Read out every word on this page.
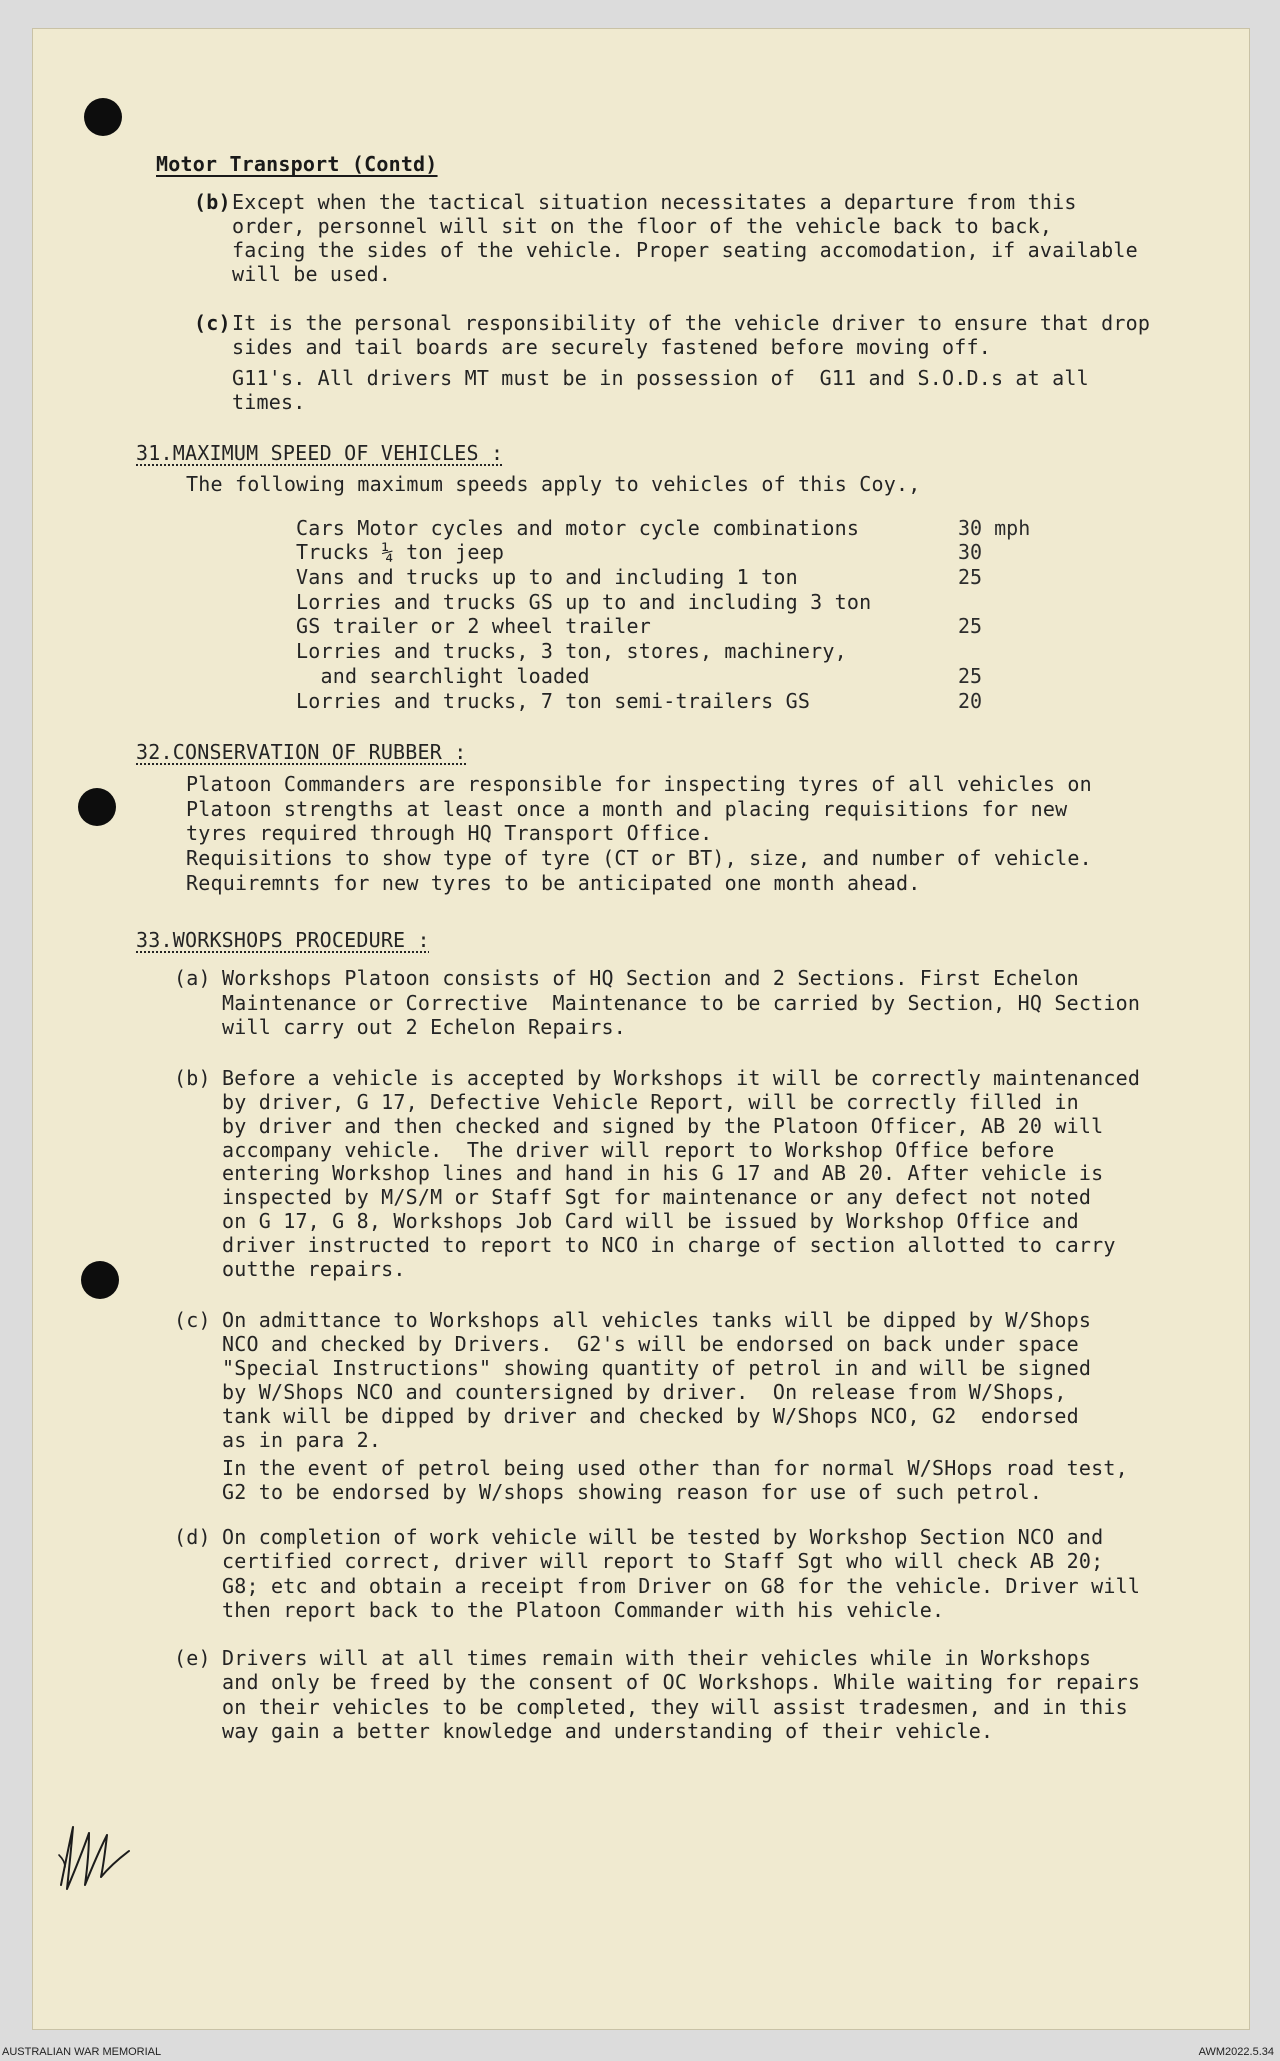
Motor Transport (Contd)
(b) Except when the tactical situation necessitates a departure from this
order, personnel will sit on the floor of the vehicle back to back,
facing the sides of the vehicle. Proper seating accomodation, if available
will be used.
(c) It is the personal responsibility of the vehicle driver to ensure that drop
sides and tail boards are securely fastened before moving off.
G11's. All drivers MT must be in possession of  G11 and S.O.D.s at all
times.
31.MAXIMUM SPEED OF VEHICLES :
The following maximum speeds apply to vehicles of this Coy.,
Cars Motor cycles and motor cycle combinations	30 mph
Trucks ¼ ton jeep	30
Vans and trucks up to and including 1 ton	25
Lorries and trucks GS up to and including 3 ton
GS trailer or 2 wheel trailer	25
Lorries and trucks, 3 ton, stores, machinery,
and searchlight loaded	25
Lorries and trucks, 7 ton semi-trailers GS	20
32.CONSERVATION OF RUBBER :
Platoon Commanders are responsible for inspecting tyres of all vehicles on
Platoon strengths at least once a month and placing requisitions for new
tyres required through HQ Transport Office.
Requisitions to show type of tyre (CT or BT), size, and number of vehicle.
Requiremnts for new tyres to be anticipated one month ahead.
33.WORKSHOPS PROCEDURE :
(a) Workshops Platoon consists of HQ Section and 2 Sections. First Echelon
Maintenance or Corrective  Maintenance to be carried by Section, HQ Section
will carry out 2 Echelon Repairs.
(b) Before a vehicle is accepted by Workshops it will be correctly maintenanced
by driver, G 17, Defective Vehicle Report, will be correctly filled in
by driver and then checked and signed by the Platoon Officer, AB 20 will
accompany vehicle.  The driver will report to Workshop Office before
entering Workshop lines and hand in his G 17 and AB 20. After vehicle is
inspected by M/S/M or Staff Sgt for maintenance or any defect not noted
on G 17, G 8, Workshops Job Card will be issued by Workshop Office and
driver instructed to report to NCO in charge of section allotted to carry
outthe repairs.
(c) On admittance to Workshops all vehicles tanks will be dipped by W/Shops
NCO and checked by Drivers.  G2's will be endorsed on back under space
"Special Instructions" showing quantity of petrol in and will be signed
by W/Shops NCO and countersigned by driver.  On release from W/Shops,
tank will be dipped by driver and checked by W/Shops NCO, G2  endorsed
as in para 2.
In the event of petrol being used other than for normal W/SHops road test,
G2 to be endorsed by W/shops showing reason for use of such petrol.
(d) On completion of work vehicle will be tested by Workshop Section NCO and
certified correct, driver will report to Staff Sgt who will check AB 20;
G8; etc and obtain a receipt from Driver on G8 for the vehicle. Driver will
then report back to the Platoon Commander with his vehicle.
(e) Drivers will at all times remain with their vehicles while in Workshops
and only be freed by the consent of OC Workshops. While waiting for repairs
on their vehicles to be completed, they will assist tradesmen, and in this
way gain a better knowledge and understanding of their vehicle.
AUSTRALIAN WAR MEMORIAL	AWM2022.5.34
